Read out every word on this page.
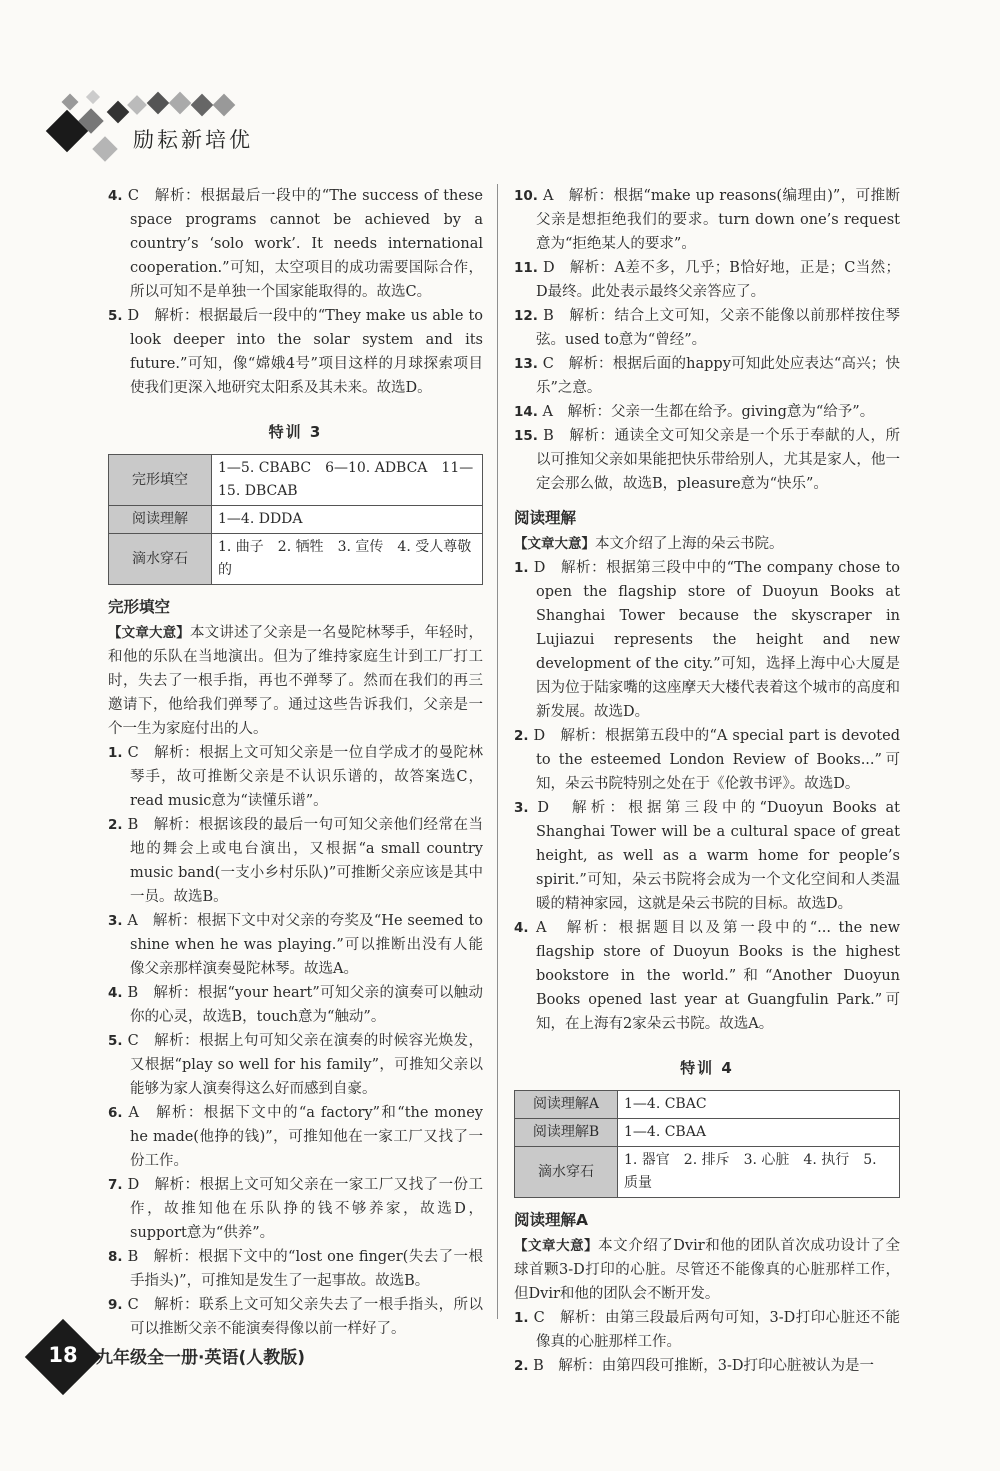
励耘新培优

4. C　解析：根据最后一段中的“The success of these space programs cannot be achieved by a country’s ‘solo work’. It needs international cooperation.”可知，太空项目的成功需要国际合作，所以可知不是单独一个国家能取得的。故选C。

5. D　解析：根据最后一段中的“They make us able to look deeper into the solar system and its future.”可知，像“嫦娥4号”项目这样的月球探索项目使我们更深入地研究太阳系及其未来。故选D。

特训 3
完形填空	1—5. CBABC　6—10. ADBCA　11—15. DBCAB
阅读理解	1—4. DDDA
滴水穿石	1. 曲子　2. 牺牲　3. 宣传　4. 受人尊敬的
完形填空

【文章大意】本文讲述了父亲是一名曼陀林琴手，年轻时，和他的乐队在当地演出。但为了维持家庭生计到工厂打工时，失去了一根手指，再也不弹琴了。然而在我们的再三邀请下，他给我们弹琴了。通过这些告诉我们，父亲是一个一生为家庭付出的人。

1. C　解析：根据上文可知父亲是一位自学成才的曼陀林琴手，故可推断父亲是不认识乐谱的，故答案选C，read music意为“读懂乐谱”。

2. B　解析：根据该段的最后一句可知父亲他们经常在当地的舞会上或电台演出，又根据“a small country music band(一支小乡村乐队)”可推断父亲应该是其中一员。故选B。

3. A　解析：根据下文中对父亲的夸奖及“He seemed to shine when he was playing.”可以推断出没有人能像父亲那样演奏曼陀林琴。故选A。

4. B　解析：根据“your heart”可知父亲的演奏可以触动你的心灵，故选B，touch意为“触动”。

5. C　解析：根据上句可知父亲在演奏的时候容光焕发，又根据“play so well for his family”，可推知父亲以能够为家人演奏得这么好而感到自豪。

6. A　解析：根据下文中的“a factory”和“the money he made(他挣的钱)”，可推知他在一家工厂又找了一份工作。

7. D　解析：根据上文可知父亲在一家工厂又找了一份工作，故推知他在乐队挣的钱不够养家，故选D，support意为“供养”。

8. B　解析：根据下文中的“lost one finger(失去了一根手指头)”，可推知是发生了一起事故。故选B。

9. C　解析：联系上文可知父亲失去了一根手指头，所以可以推断父亲不能演奏得像以前一样好了。

10. A　解析：根据“make up reasons(编理由)”，可推断父亲是想拒绝我们的要求。turn down one’s request意为“拒绝某人的要求”。

11. D　解析：A差不多，几乎；B恰好地，正是；C当然；D最终。此处表示最终父亲答应了。

12. B　解析：结合上文可知，父亲不能像以前那样按住琴弦。used to意为“曾经”。

13. C　解析：根据后面的happy可知此处应表达“高兴；快乐”之意。

14. A　解析：父亲一生都在给予。giving意为“给予”。

15. B　解析：通读全文可知父亲是一个乐于奉献的人，所以可推知父亲如果能把快乐带给别人，尤其是家人，他一定会那么做，故选B，pleasure意为“快乐”。

阅读理解

【文章大意】本文介绍了上海的朵云书院。

1. D　解析：根据第三段中中的“The company chose to open the flagship store of Duoyun Books at Shanghai Tower because the skyscraper in Lujiazui represents the height and new development of the city.”可知，选择上海中心大厦是因为位于陆家嘴的这座摩天大楼代表着这个城市的高度和新发展。故选D。

2. D　解析：根据第五段中的“A special part is devoted to the esteemed London Review of Books...”可知，朵云书院特别之处在于《伦敦书评》。故选D。

3. D　解析：根据第三段中的“Duoyun Books at Shanghai Tower will be a cultural space of great height, as well as a warm home for people’s spirit.”可知，朵云书院将会成为一个文化空间和人类温暖的精神家园，这就是朵云书院的目标。故选D。

4. A　解析：根据题目以及第一段中的“... the new flagship store of Duoyun Books is the highest bookstore in the world.”和“Another Duoyun Books opened last year at Guangfulin Park.”可知，在上海有2家朵云书院。故选A。

特训 4
阅读理解A	1—4. CBAC
阅读理解B	1—4. CBAA
滴水穿石	1. 器官　2. 排斥　3. 心脏　4. 执行　5. 质量
阅读理解A

【文章大意】本文介绍了Dvir和他的团队首次成功设计了全球首颗3-D打印的心脏。尽管还不能像真的心脏那样工作，但Dvir和他的团队会不断开发。

1. C　解析：由第三段最后两句可知，3-D打印心脏还不能像真的心脏那样工作。

2. B　解析：由第四段可推断，3-D打印心脏被认为是一

18	九年级全一册·英语(人教版)
